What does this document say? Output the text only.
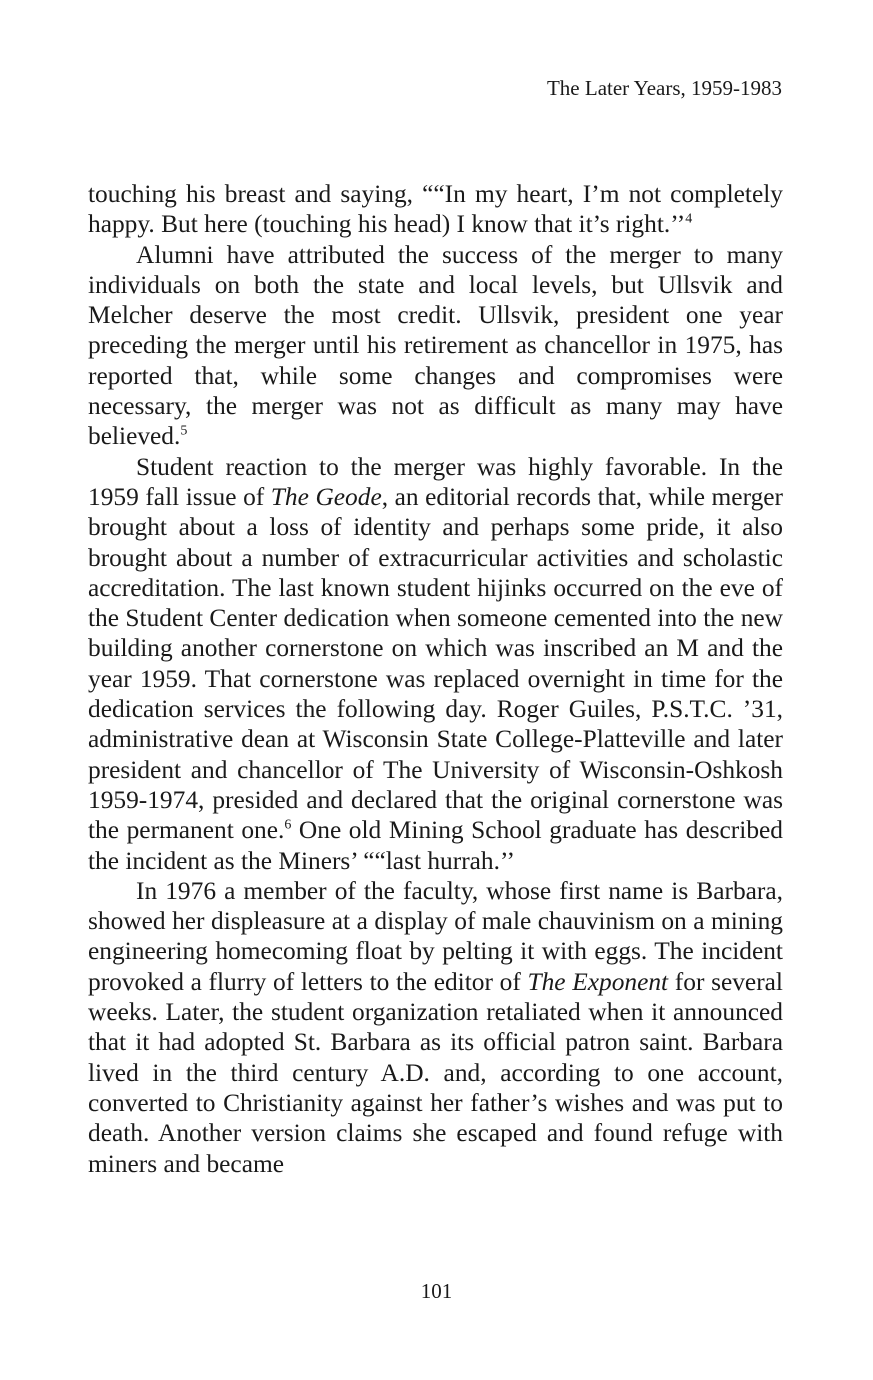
The Later Years, 1959-1983

touching his breast and saying, ““In my heart, I’m not completely happy. But here (touching his head) I know that it’s right.’’$^4$

Alumni have attributed the success of the merger to many individuals on both the state and local levels, but Ullsvik and Melcher deserve the most credit. Ullsvik, president one year preceding the merger until his retirement as chancellor in 1975, has reported that, while some changes and compromises were necessary, the merger was not as difficult as many may have believed.$^5$

Student reaction to the merger was highly favorable. In the 1959 fall issue of The Geode, an editorial records that, while merger brought about a loss of identity and perhaps some pride, it also brought about a number of extracurricular activities and scholastic accreditation. The last known student hijinks occurred on the eve of the Student Center dedication when someone cemented into the new building another cornerstone on which was inscribed an M and the year 1959. That cornerstone was replaced overnight in time for the dedication services the following day. Roger Guiles, P.S.T.C. ’31, administrative dean at Wisconsin State College-Platteville and later president and chancellor of The University of Wisconsin-Oshkosh 1959-1974, presided and declared that the original cornerstone was the permanent one.$^6$ One old Mining School graduate has described the incident as the Miners’ ““last hurrah.’’

In 1976 a member of the faculty, whose first name is Barbara, showed her displeasure at a display of male chauvinism on a mining engineering homecoming float by pelting it with eggs. The incident provoked a flurry of letters to the editor of The Exponent for several weeks. Later, the student organization retaliated when it announced that it had adopted St. Barbara as its official patron saint. Barbara lived in the third century A.D. and, according to one account, converted to Christianity against her father’s wishes and was put to death. Another version claims she escaped and found refuge with miners and became

101
